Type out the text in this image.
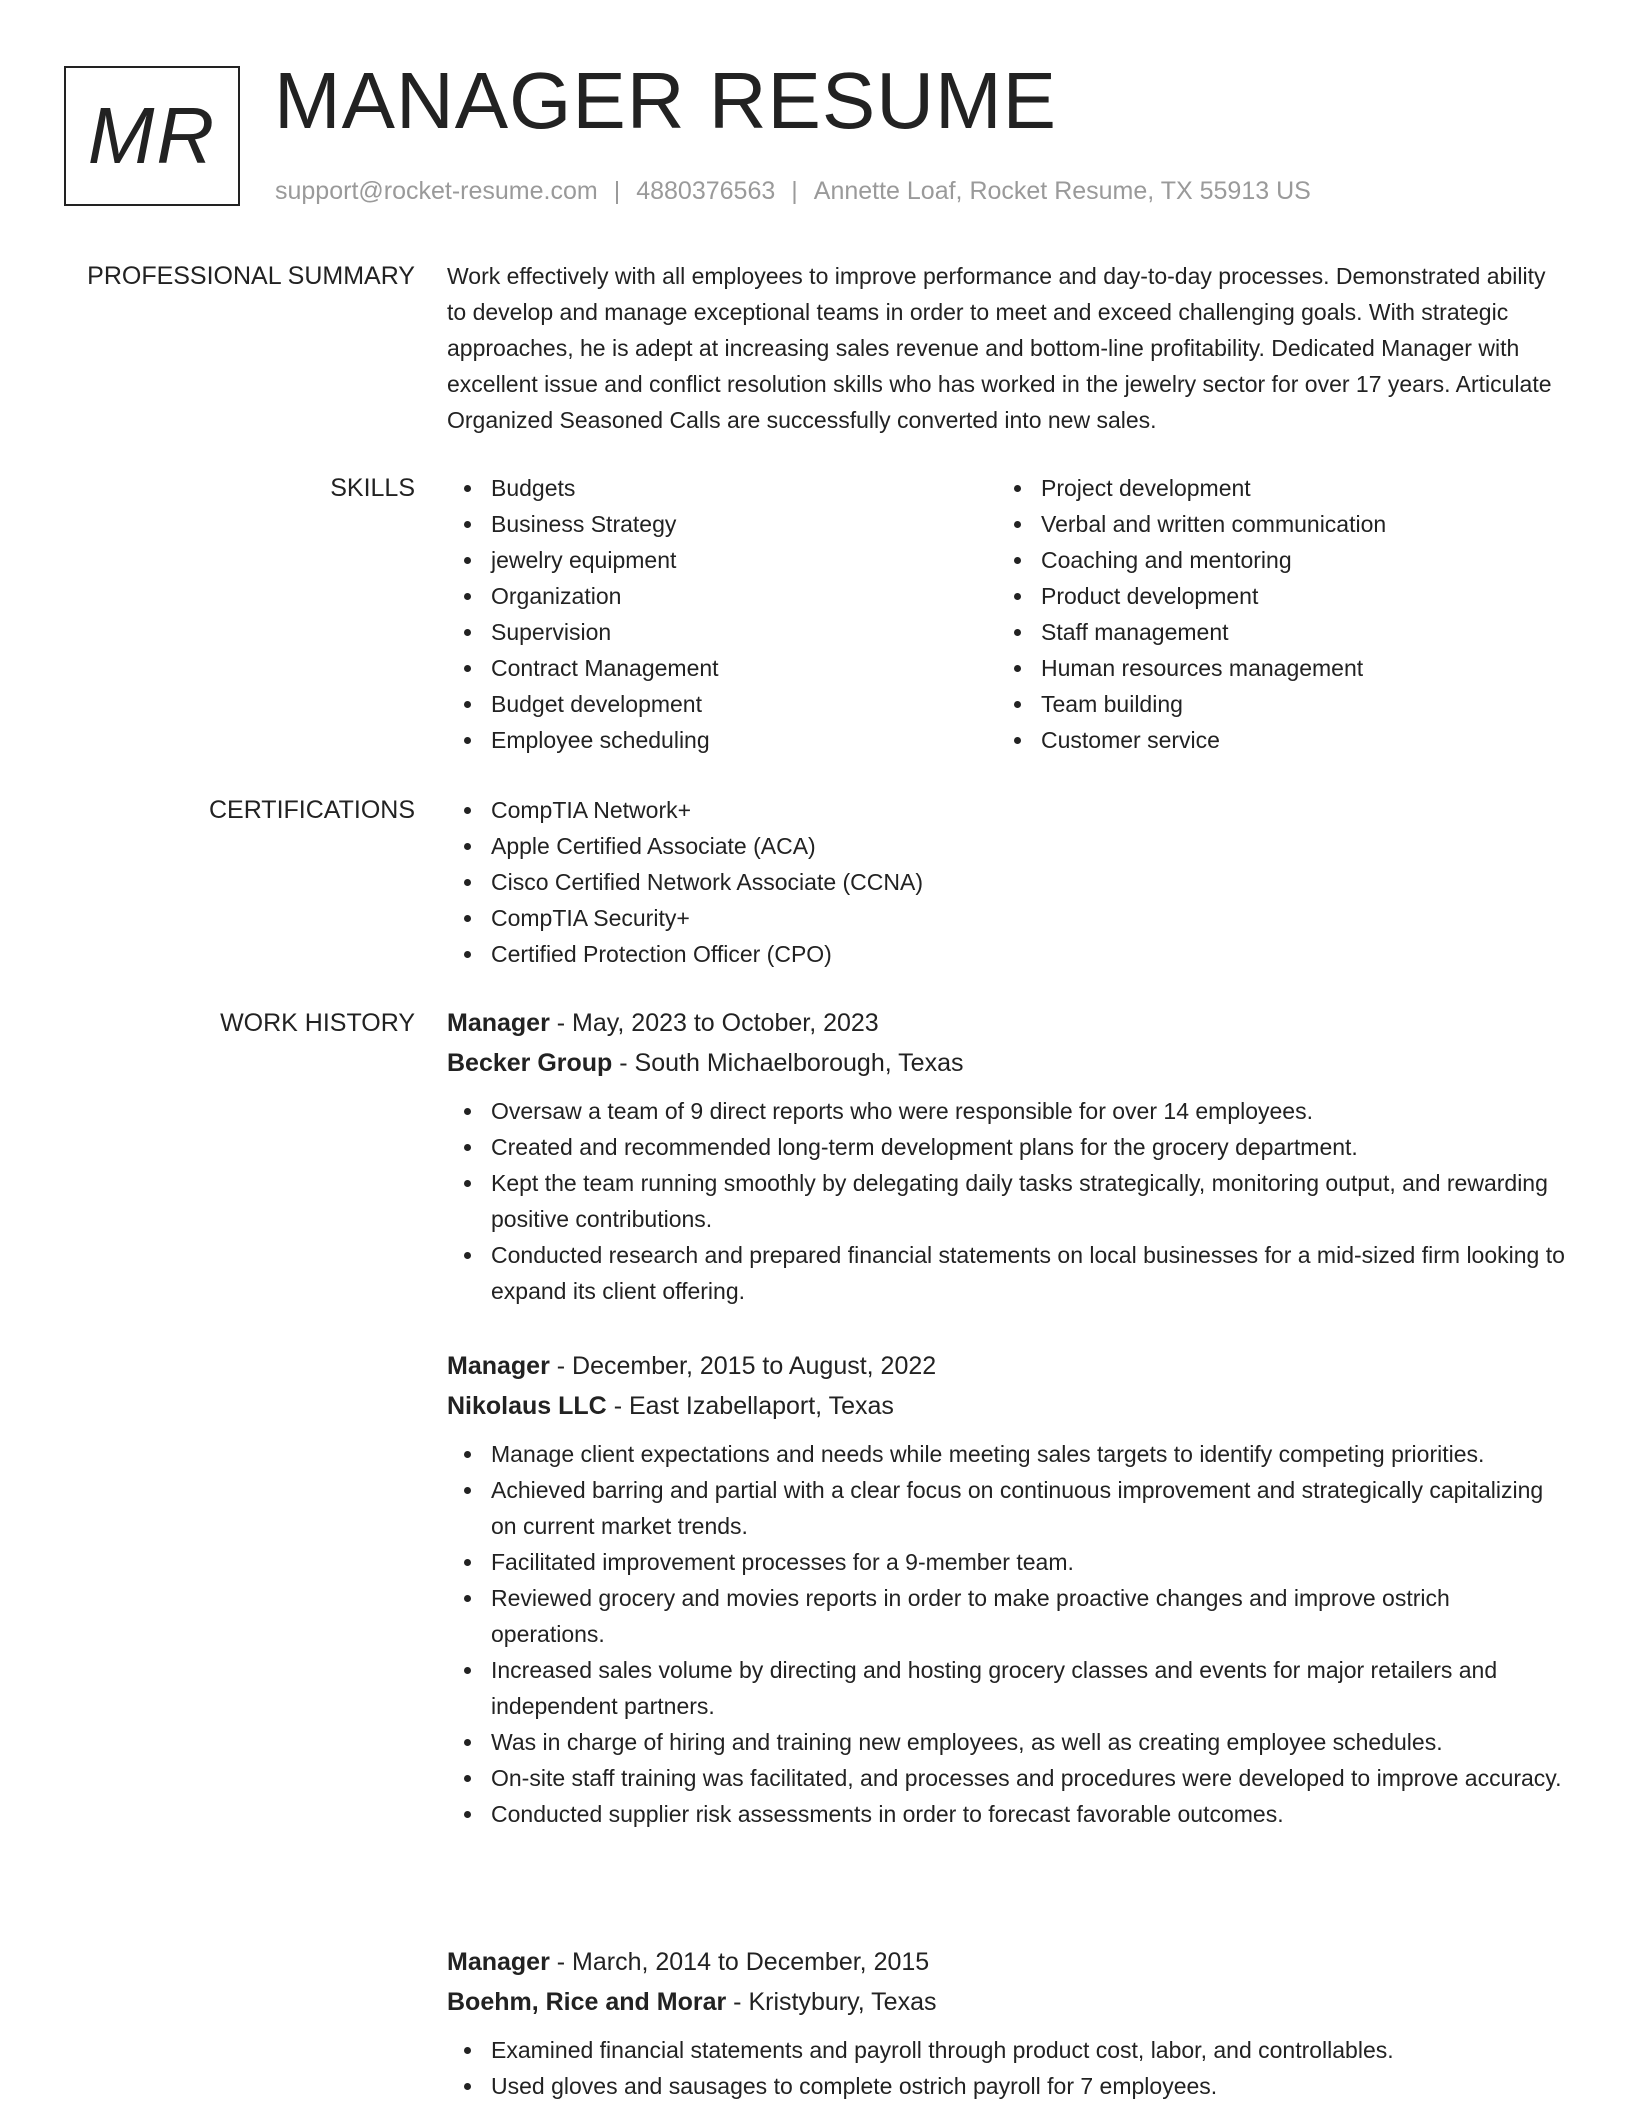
MR MANAGER RESUME
support@rocket-resume.com | 4880376563 | Annette Loaf, Rocket Resume, TX 55913 US
PROFESSIONAL SUMMARY Work effectively with all employees to improve performance and day-to-day processes. Demonstrated ability to develop and manage exceptional teams in order to meet and exceed challenging goals. With strategic approaches, he is adept at increasing sales revenue and bottom-line profitability. Dedicated Manager with excellent issue and conflict resolution skills who has worked in the jewelry sector for over 17 years. Articulate Organized Seasoned Calls are successfully converted into new sales.
SKILLS	Budgets
Business Strategy
jewelry equipment
Organization
Supervision
Contract Management
Budget development
Employee scheduling
Project development
Verbal and written communication
Coaching and mentoring
Product development
Staff management
Human resources management
Team building
Customer service
CERTIFICATIONS	CompTIA Network+
Apple Certified Associate (ACA)
Cisco Certified Network Associate (CCNA)
CompTIA Security+
Certified Protection Officer (CPO)
WORK HISTORY Manager - May, 2023 to October, 2023
Becker Group - South Michaelborough, Texas
Oversaw a team of 9 direct reports who were responsible for over 14 employees.
Created and recommended long-term development plans for the grocery department.
Kept the team running smoothly by delegating daily tasks strategically, monitoring output, and rewarding positive contributions.
Conducted research and prepared financial statements on local businesses for a mid-sized firm looking to expand its client offering.
Manager - December, 2015 to August, 2022
Nikolaus LLC - East Izabellaport, Texas
Manage client expectations and needs while meeting sales targets to identify competing priorities.
Achieved barring and partial with a clear focus on continuous improvement and strategically capitalizing on current market trends.
Facilitated improvement processes for a 9-member team.
Reviewed grocery and movies reports in order to make proactive changes and improve ostrich operations.
Increased sales volume by directing and hosting grocery classes and events for major retailers and independent partners.
Was in charge of hiring and training new employees, as well as creating employee schedules.
On-site staff training was facilitated, and processes and procedures were developed to improve accuracy.
Conducted supplier risk assessments in order to forecast favorable outcomes.
Manager - March, 2014 to December, 2015
Boehm, Rice and Morar - Kristybury, Texas
Examined financial statements and payroll through product cost, labor, and controllables.
Used gloves and sausages to complete ostrich payroll for 7 employees.
